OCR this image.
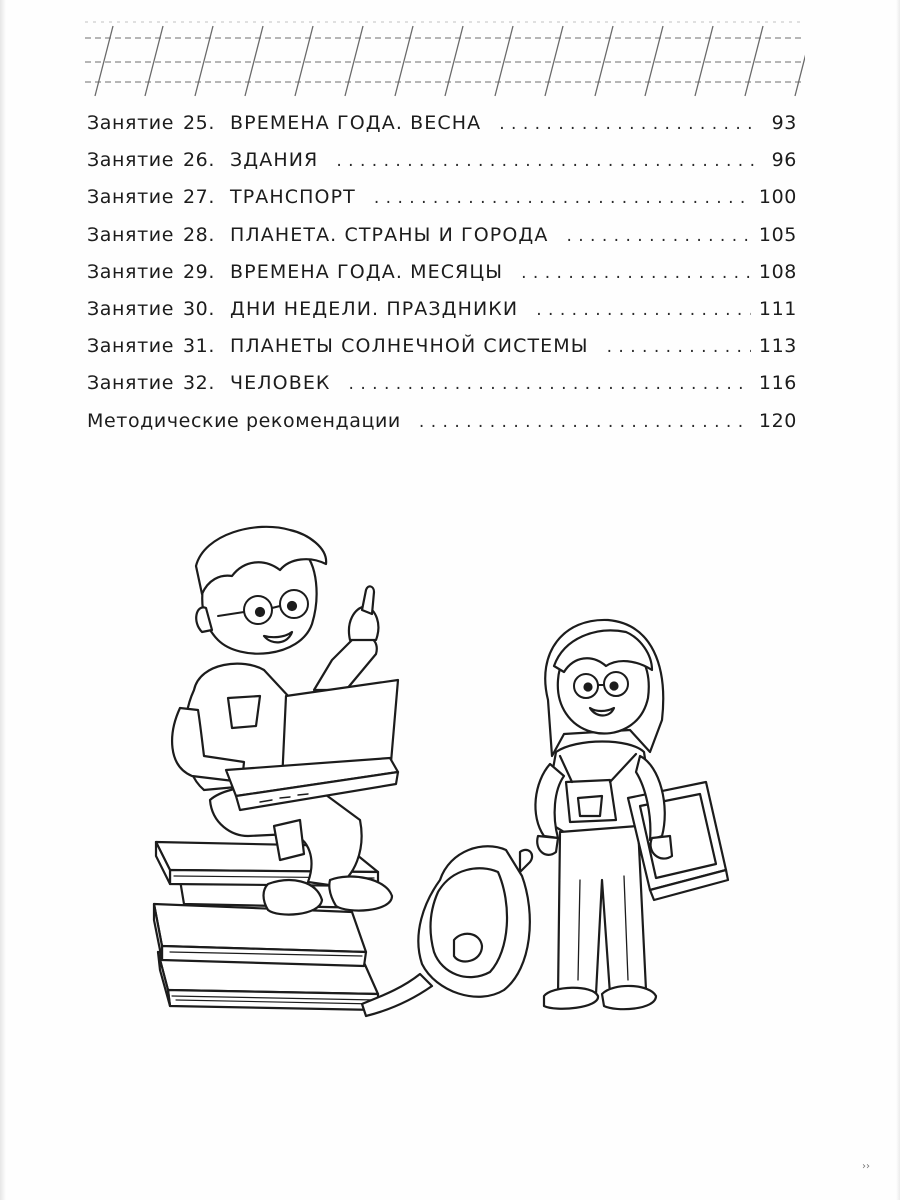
Занятие 25. ВРЕМЕНА ГОДА. ВЕСНА . . .	93
Занятие 26. ЗДАНИЯ . . .	96
Занятие 27. ТРАНСПОРТ . . .	100
Занятие 28. ПЛАНЕТА. СТРАНЫ И ГОРОДА . . .	105
Занятие 29. ВРЕМЕНА ГОДА. МЕСЯЦЫ . . .	108
Занятие 30. ДНИ НЕДЕЛИ. ПРАЗДНИКИ . . .	111
Занятие 31. ПЛАНЕТЫ СОЛНЕЧНОЙ СИСТЕМЫ . . .	113
Занятие 32. ЧЕЛОВЕК . . .	116
Методические рекомендации . . .	120
››
